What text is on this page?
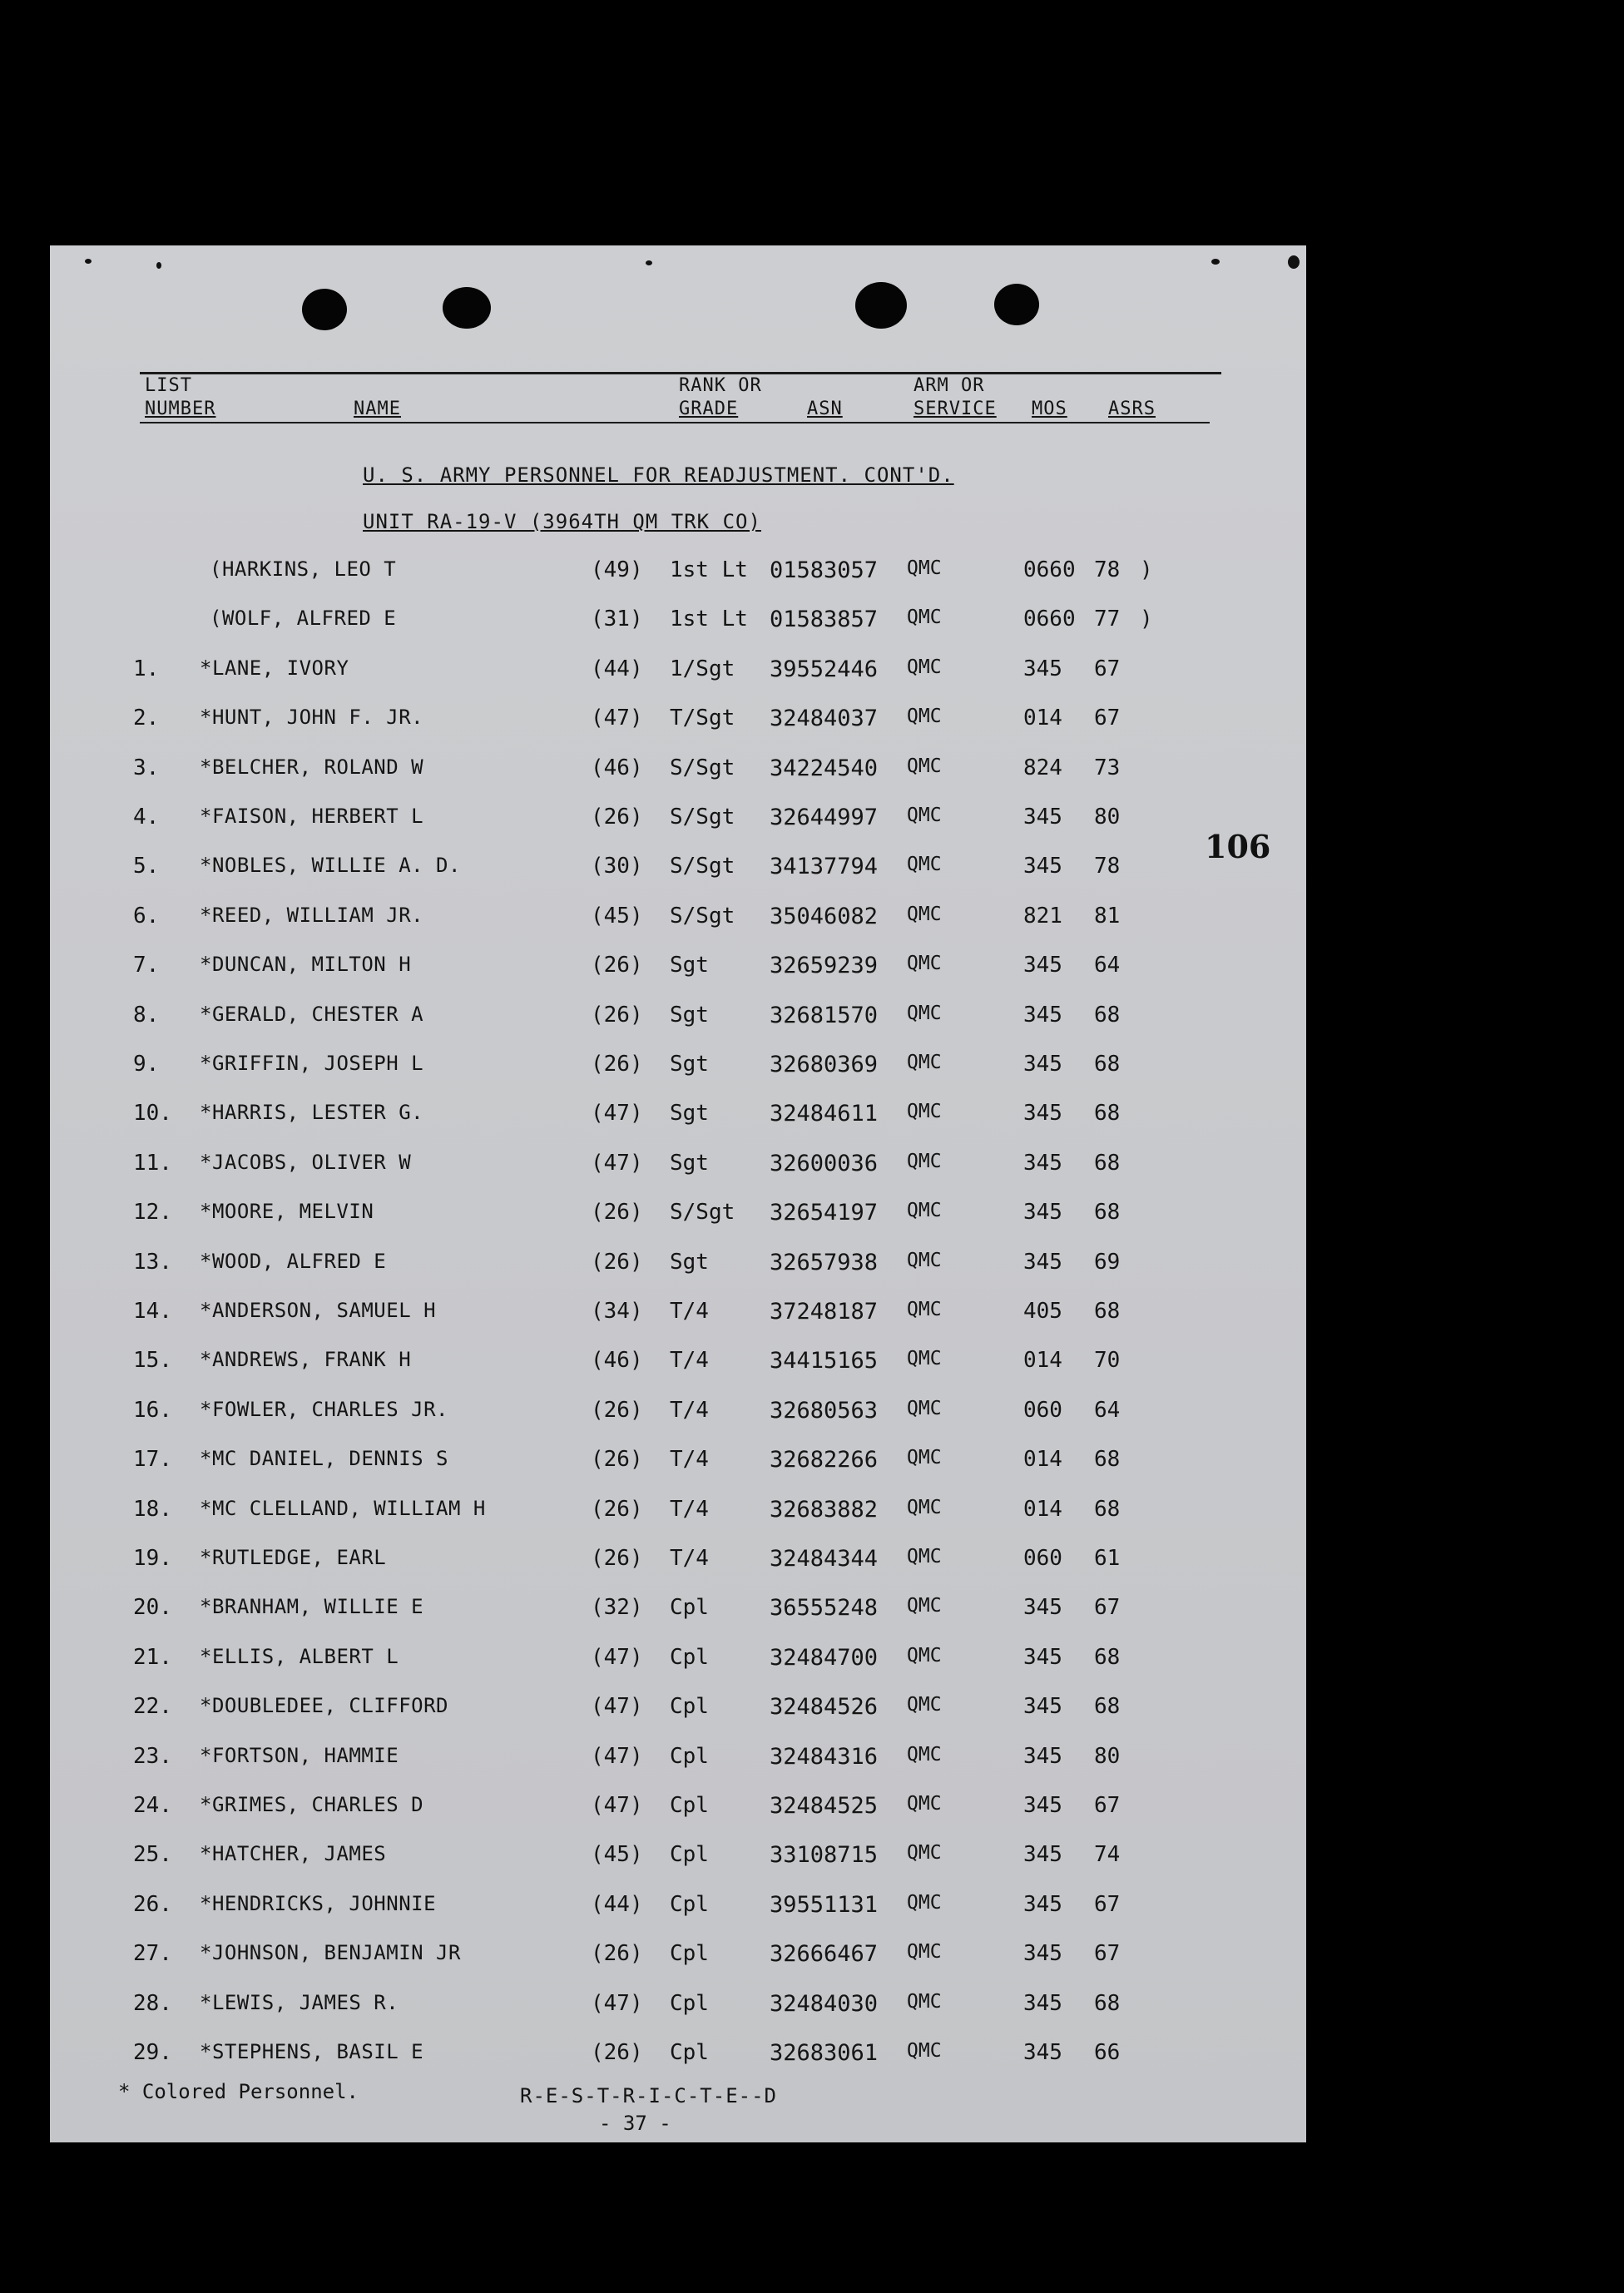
LIST
NUMBER	NAME
RANK OR
GRADE	ASN
ARM OR
SERVICE MOS ASRS
U. S. ARMY PERSONNEL FOR READJUSTMENT. CONT'D.
UNIT RA-19-V (3964TH QM TRK CO)
106
(HARKINS, LEO T	(49) 1st Lt 01583057 QMC	0660 78 )
(WOLF, ALFRED E	(31) 1st Lt 01583857 QMC	0660 77 )
1. *LANE, IVORY	(44) 1/Sgt 39552446 QMC	345 67
2. *HUNT, JOHN F. JR.	(47) T/Sgt 32484037 QMC	014 67
3. *BELCHER, ROLAND W	(46) S/Sgt 34224540 QMC	824 73
4. *FAISON, HERBERT L	(26) S/Sgt 32644997 QMC	345 80
5. *NOBLES, WILLIE A. D.	(30) S/Sgt 34137794 QMC	345 78
6. *REED, WILLIAM JR.	(45) S/Sgt 35046082 QMC	821 81
7. *DUNCAN, MILTON H	(26) Sgt	32659239 QMC	345 64
8. *GERALD, CHESTER A	(26) Sgt	32681570 QMC	345 68
9. *GRIFFIN, JOSEPH L	(26) Sgt	32680369 QMC	345 68
10. *HARRIS, LESTER G.	(47) Sgt	32484611 QMC	345 68
11. *JACOBS, OLIVER W	(47) Sgt	32600036 QMC	345 68
12. *MOORE, MELVIN	(26) S/Sgt 32654197 QMC	345 68
13. *WOOD, ALFRED E	(26) Sgt	32657938 QMC	345 69
14. *ANDERSON, SAMUEL H	(34) T/4	37248187 QMC	405 68
15. *ANDREWS, FRANK H	(46) T/4	34415165 QMC	014 70
16. *FOWLER, CHARLES JR.	(26) T/4	32680563 QMC	060 64
17. *MC DANIEL, DENNIS S	(26) T/4	32682266 QMC	014 68
18. *MC CLELLAND, WILLIAM H	(26) T/4	32683882 QMC	014 68
19. *RUTLEDGE, EARL	(26) T/4	32484344 QMC	060 61
20. *BRANHAM, WILLIE E	(32) Cpl	36555248 QMC	345 67
21. *ELLIS, ALBERT L	(47) Cpl	32484700 QMC	345 68
22. *DOUBLEDEE, CLIFFORD	(47) Cpl	32484526 QMC	345 68
23. *FORTSON, HAMMIE	(47) Cpl	32484316 QMC	345 80
24. *GRIMES, CHARLES D	(47) Cpl	32484525 QMC	345 67
25. *HATCHER, JAMES	(45) Cpl	33108715 QMC	345 74
26. *HENDRICKS, JOHNNIE	(44) Cpl	39551131 QMC	345 67
27. *JOHNSON, BENJAMIN JR	(26) Cpl	32666467 QMC	345 67
28. *LEWIS, JAMES R.	(47) Cpl	32484030 QMC	345 68
29. *STEPHENS, BASIL E	(26) Cpl	32683061 QMC	345 66
* Colored Personnel.	R-E-S-T-R-I-C-T-E--D
- 37 -
